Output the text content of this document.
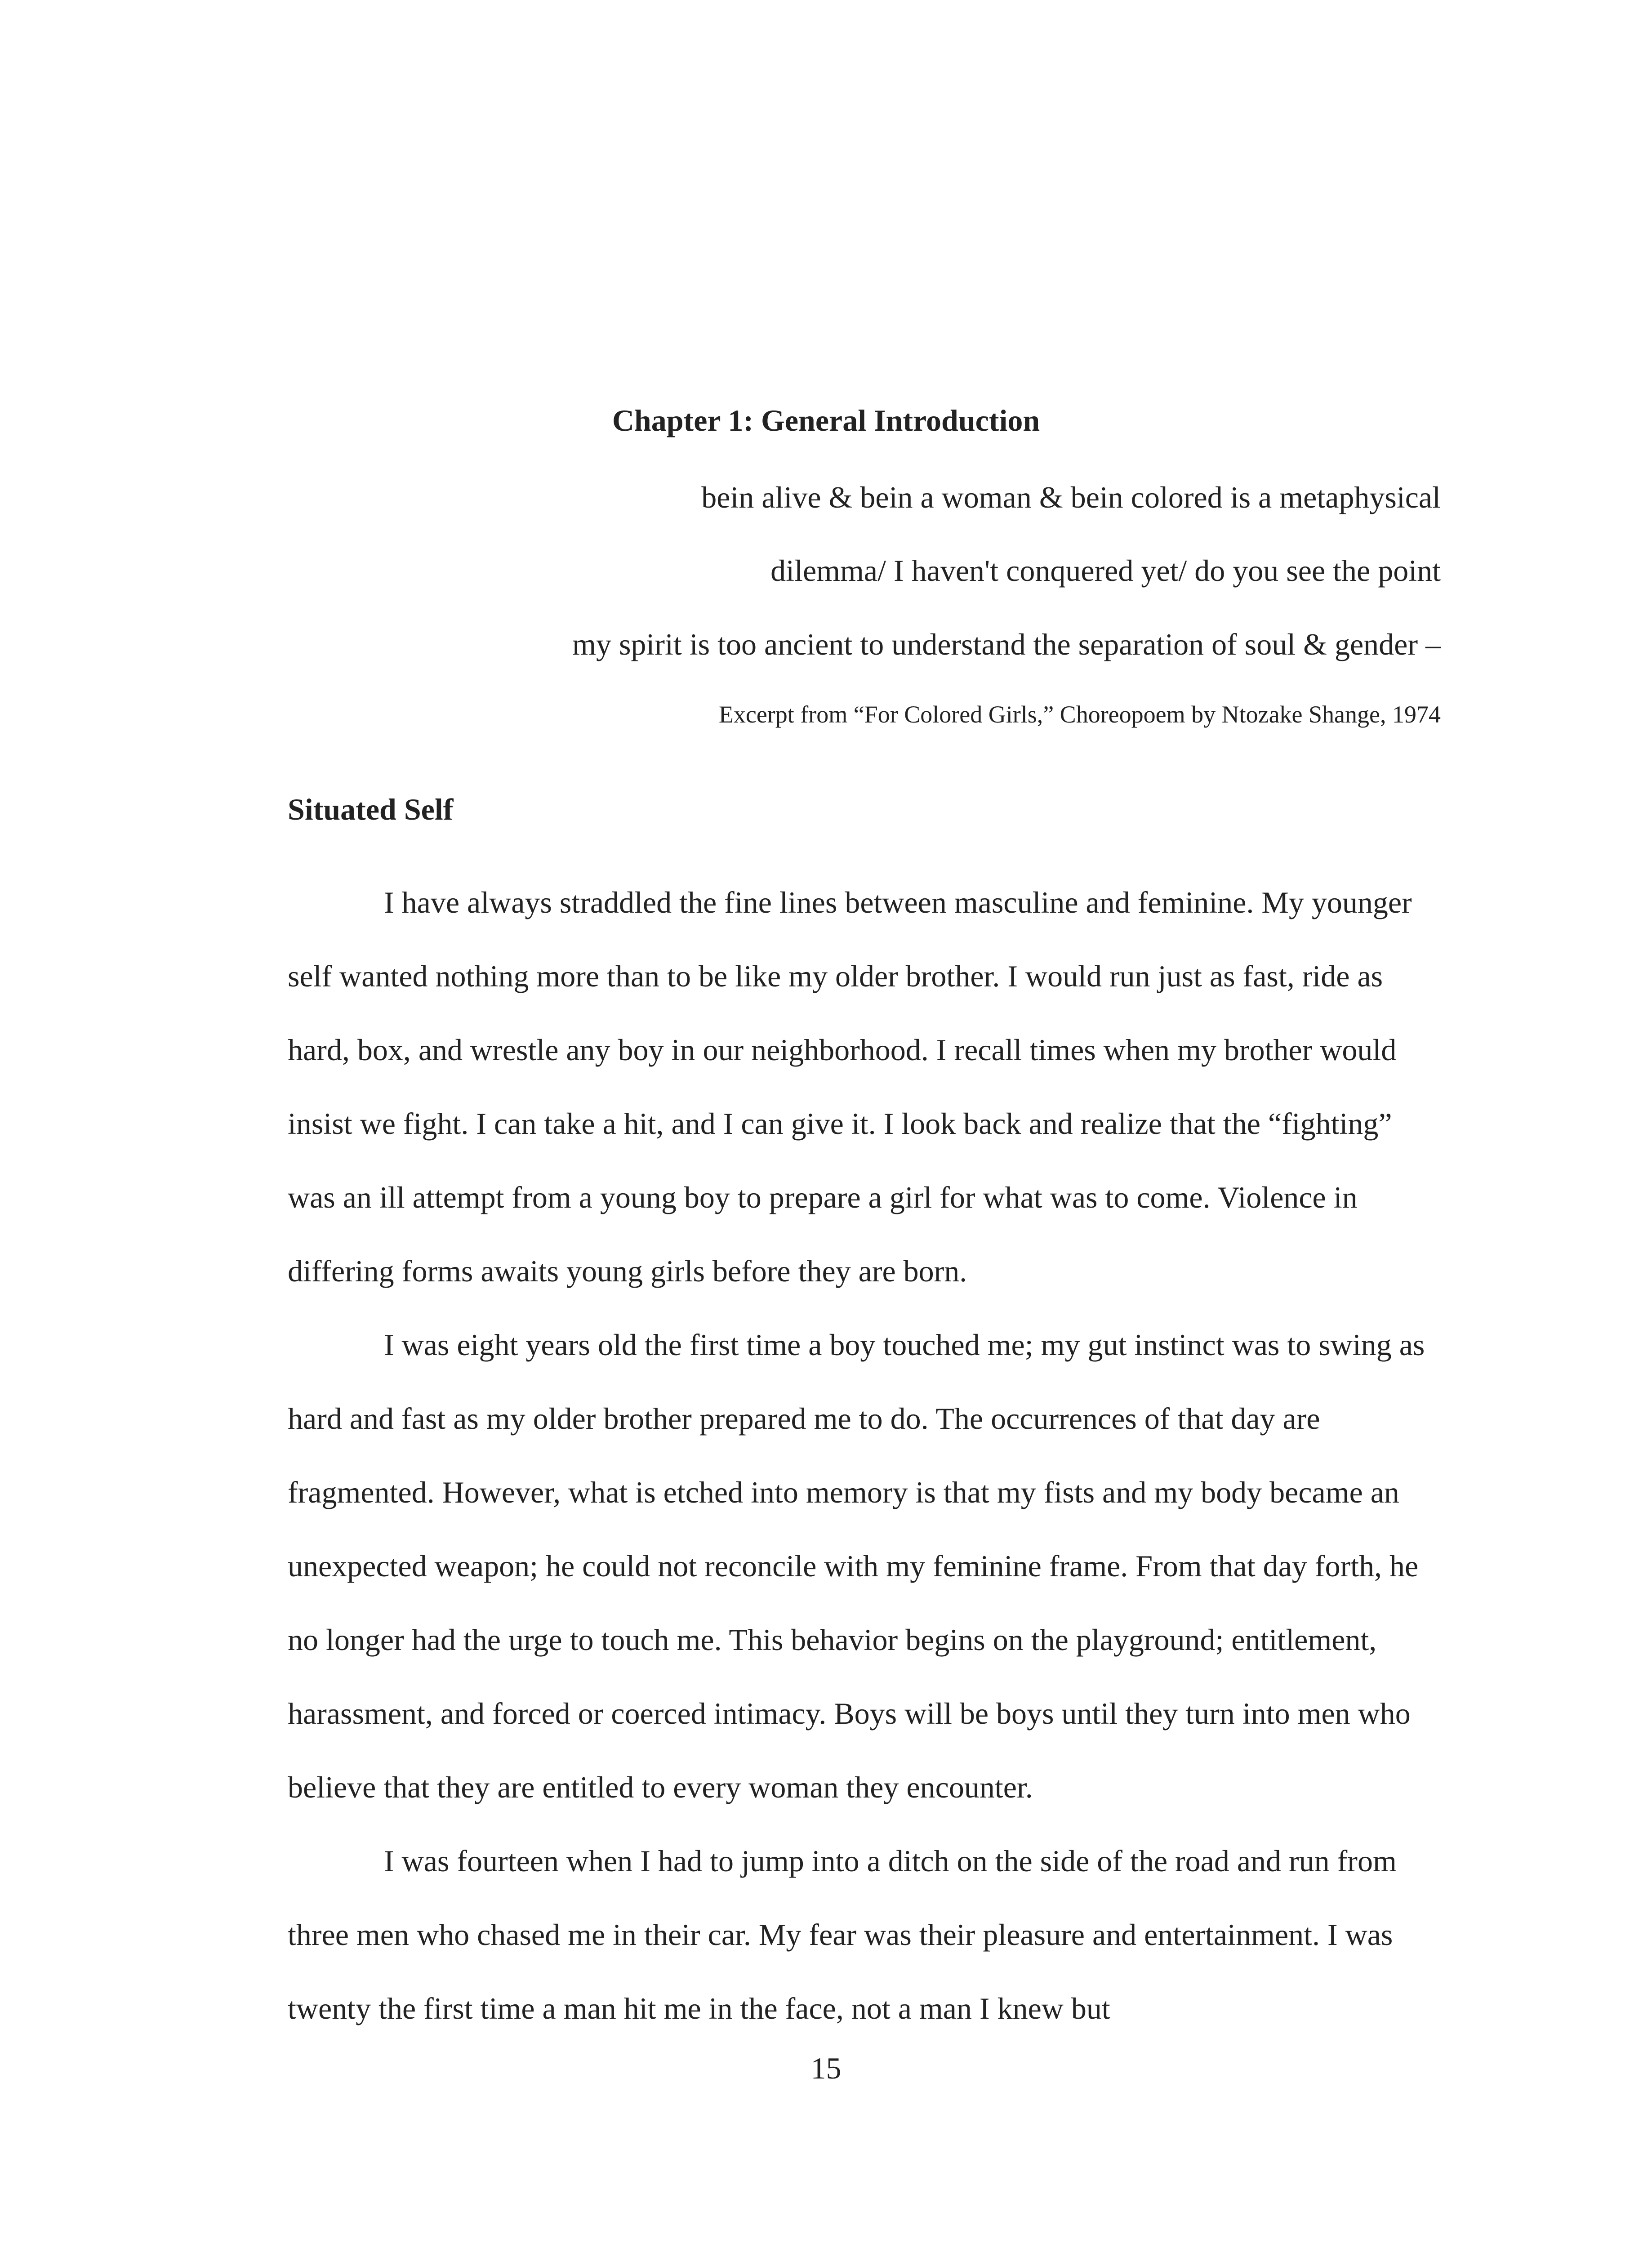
Chapter 1: General Introduction

bein alive & bein a woman & bein colored is a metaphysical

dilemma/ I haven't conquered yet/ do you see the point

my spirit is too ancient to understand the separation of soul & gender –

Excerpt from “For Colored Girls,” Choreopoem by Ntozake Shange, 1974

Situated Self

I have always straddled the fine lines between masculine and feminine. My younger self wanted nothing more than to be like my older brother. I would run just as fast, ride as hard, box, and wrestle any boy in our neighborhood. I recall times when my brother would insist we fight. I can take a hit, and I can give it. I look back and realize that the “fighting” was an ill attempt from a young boy to prepare a girl for what was to come. Violence in differing forms awaits young girls before they are born.

I was eight years old the first time a boy touched me; my gut instinct was to swing as hard and fast as my older brother prepared me to do. The occurrences of that day are fragmented. However, what is etched into memory is that my fists and my body became an unexpected weapon; he could not reconcile with my feminine frame. From that day forth, he no longer had the urge to touch me. This behavior begins on the playground; entitlement, harassment, and forced or coerced intimacy. Boys will be boys until they turn into men who believe that they are entitled to every woman they encounter.

I was fourteen when I had to jump into a ditch on the side of the road and run from three men who chased me in their car. My fear was their pleasure and entertainment. I was twenty the first time a man hit me in the face, not a man I knew but

15
